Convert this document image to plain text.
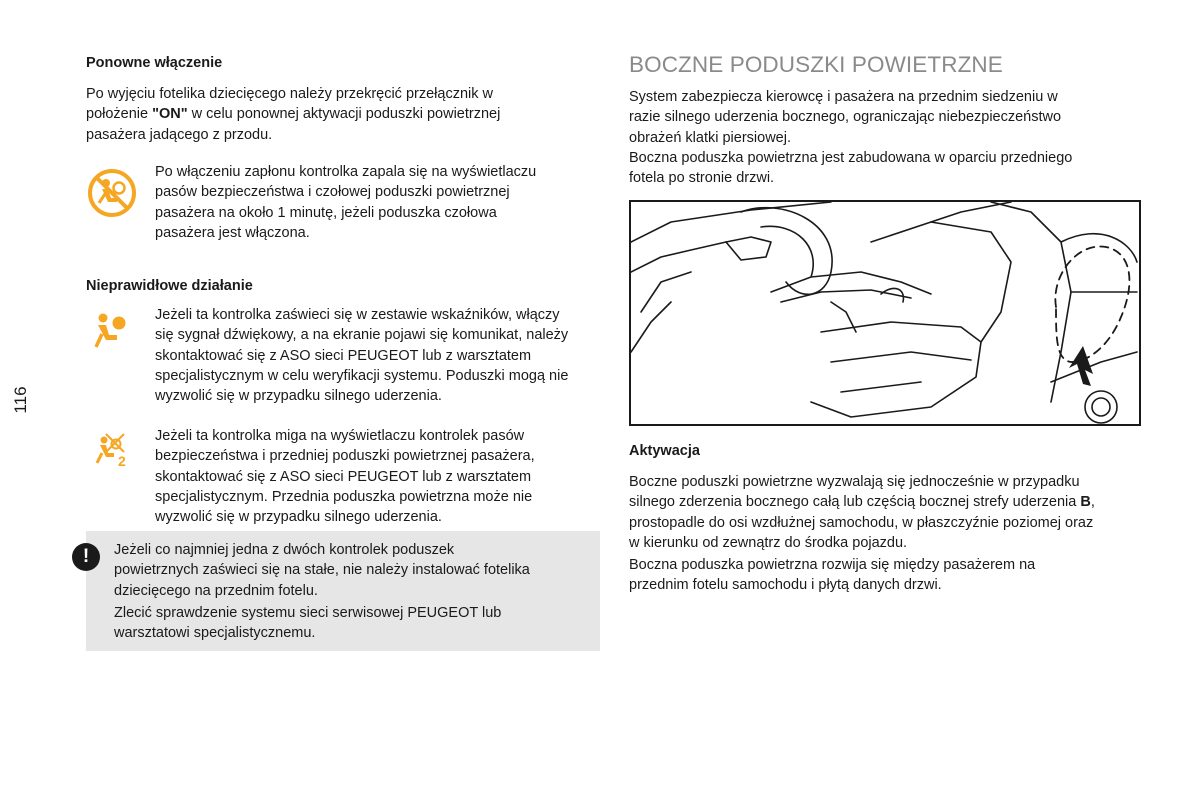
116
Ponowne włączenie

Po wyjęciu fotelika dziecięcego należy przekręcić przełącznik w

położenie "ON" w celu ponownej aktywacji poduszki powietrznej

pasażera jadącego z przodu.

Po włączeniu zapłonu kontrolka zapala się na wyświetlaczu

pasów bezpieczeństwa i czołowej poduszki powietrznej

pasażera na około 1 minutę, jeżeli poduszka czołowa

pasażera jest włączona.

Nieprawidłowe działanie

Jeżeli ta kontrolka zaświeci się w zestawie wskaźników, włączy

się sygnał dźwiękowy, a na ekranie pojawi się komunikat, należy

skontaktować się z ASO sieci PEUGEOT lub z warsztatem

specjalistycznym w celu weryfikacji systemu. Poduszki mogą nie

wyzwolić się w przypadku silnego uderzenia.

2

Jeżeli ta kontrolka miga na wyświetlaczu kontrolek pasów

bezpieczeństwa i przedniej poduszki powietrznej pasażera,

skontaktować się z ASO sieci PEUGEOT lub z warsztatem

specjalistycznym. Przednia poduszka powietrzna może nie

wyzwolić się w przypadku silnego uderzenia.

!	Jeżeli co najmniej jedna z dwóch kontrolek poduszek

powietrznych zaświeci się na stałe, nie należy instalować fotelika

dziecięcego na przednim fotelu.

Zlecić sprawdzenie systemu sieci serwisowej PEUGEOT lub

warsztatowi specjalistycznemu.

BOCZNE PODUSZKI POWIETRZNE

System zabezpiecza kierowcę i pasażera na przednim siedzeniu w

razie silnego uderzenia bocznego, ograniczając niebezpieczeństwo

obrażeń klatki piersiowej.

Boczna poduszka powietrzna jest zabudowana w oparciu przedniego

fotela po stronie drzwi.

Aktywacja

Boczne poduszki powietrzne wyzwalają się jednocześnie w przypadku

silnego zderzenia bocznego całą lub częścią bocznej strefy uderzenia B,

prostopadle do osi wzdłużnej samochodu, w płaszczyźnie poziomej oraz

w kierunku od zewnątrz do środka pojazdu.

Boczna poduszka powietrzna rozwija się między pasażerem na

przednim fotelu samochodu i płytą danych drzwi.
